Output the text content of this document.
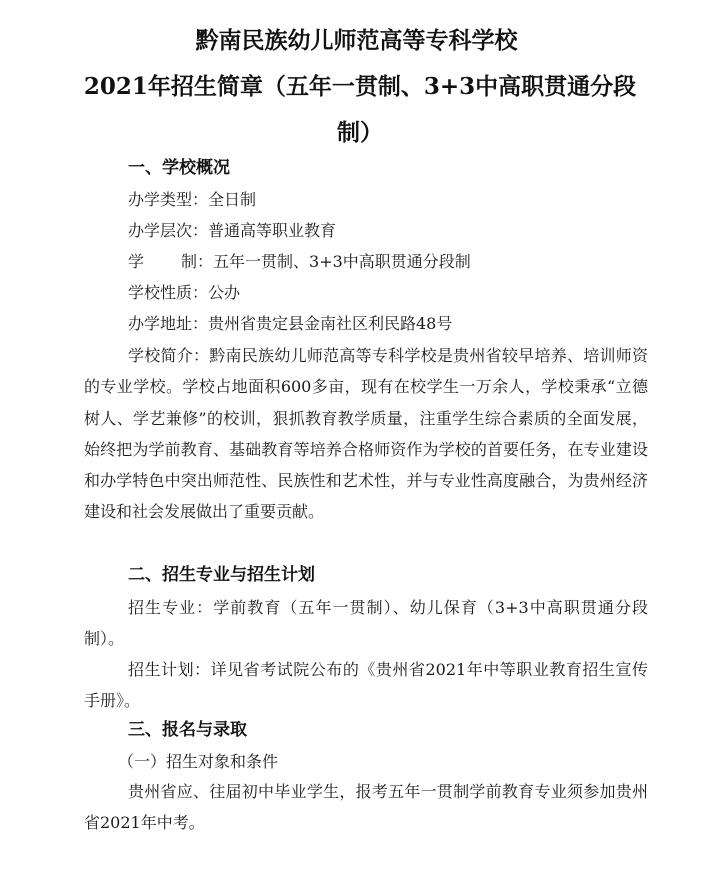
黔南民族幼儿师范高等专科学校
2021年招生简章（五年一贯制、3+3中高职贯通分段制）
一、学校概况
办学类型：全日制
办学层次：普通高等职业教育
学 制：五年一贯制、3+3中高职贯通分段制
学校性质：公办
办学地址：贵州省贵定县金南社区利民路48号
学校简介：黔南民族幼儿师范高等专科学校是贵州省较早培养、培训师资的专业学校。学校占地面积600多亩，现有在校学生一万余人，学校秉承“立德树人、学艺兼修”的校训，狠抓教育教学质量，注重学生综合素质的全面发展，始终把为学前教育、基础教育等培养合格师资作为学校的首要任务，在专业建设和办学特色中突出师范性、民族性和艺术性，并与专业性高度融合，为贵州经济建设和社会发展做出了重要贡献。
二、招生专业与招生计划
招生专业：学前教育（五年一贯制）、幼儿保育（3+3中高职贯通分段制）。
招生计划：详见省考试院公布的《贵州省2021年中等职业教育招生宣传手册》。
三、报名与录取
（一）招生对象和条件
贵州省应、往届初中毕业学生，报考五年一贯制学前教育专业须参加贵州省2021年中考。
